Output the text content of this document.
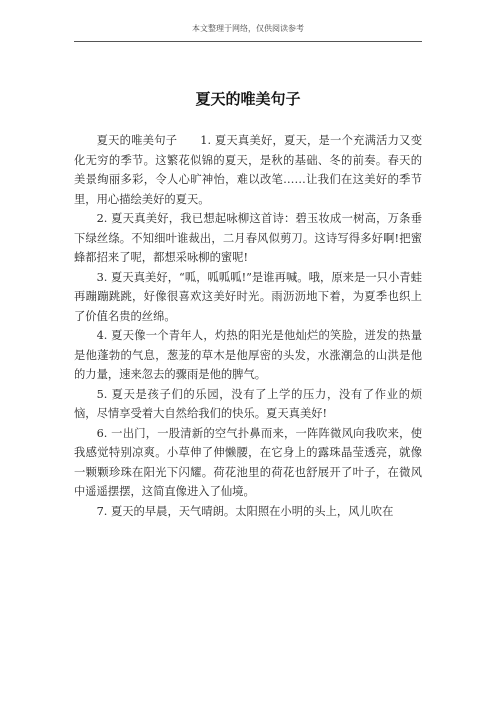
本文整理于网络，仅供阅读参考
夏天的唯美句子

夏天的唯美句子　　1. 夏天真美好，夏天，是一个充满活力又变化无穷的季节。这繁花似锦的夏天，是秋的基础、冬的前奏。春天的美景绚丽多彩，令人心旷神怡，难以改笔……让我们在这美好的季节里，用心描绘美好的夏天。

2. 夏天真美好，我已想起咏柳这首诗：碧玉妆成一树高，万条垂下绿丝绦。不知细叶谁裁出，二月春风似剪刀。这诗写得多好啊!把蜜蜂都招来了呢，都想采咏柳的蜜呢!

3. 夏天真美好，“呱，呱呱呱!”是谁再喊。哦，原来是一只小青蛙再蹦蹦跳跳，好像很喜欢这美好时光。雨沥沥地下着，为夏季也织上了价值名贵的丝绵。

4. 夏天像一个青年人，灼热的阳光是他灿烂的笑脸，迸发的热量是他蓬勃的气息，葱茏的草木是他厚密的头发，水涨潮急的山洪是他的力量，速来忽去的骤雨是他的脾气。

5. 夏天是孩子们的乐园，没有了上学的压力，没有了作业的烦恼，尽情享受着大自然给我们的快乐。夏天真美好!

6. 一出门，一股清新的空气扑鼻而来，一阵阵微风向我吹来，使我感觉特别凉爽。小草伸了伸懒腰，在它身上的露珠晶莹透亮，就像一颗颗珍珠在阳光下闪耀。荷花池里的荷花也舒展开了叶子，在微风中遥遥摆摆，这简直像进入了仙境。

7. 夏天的早晨，天气晴朗。太阳照在小明的头上，风儿吹在
